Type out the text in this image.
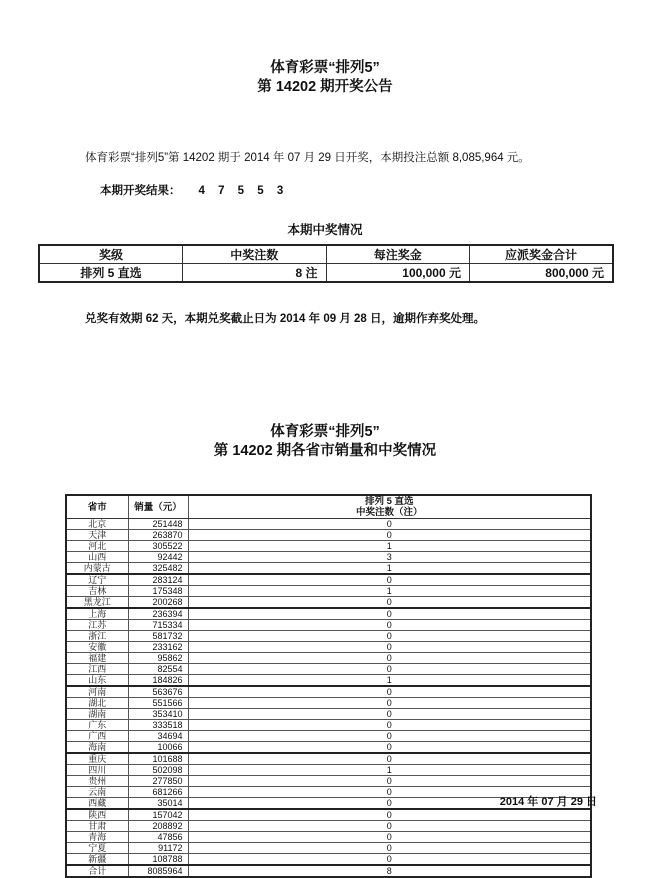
体育彩票“排列5”
第 14202 期开奖公告

体育彩票“排列5”第 14202 期于 2014 年 07 月 29 日开奖，本期投注总额 8,085,964 元。

本期开奖结果： 4 7 5 5 3

本期中奖情况
奖级	中奖注数	每注奖金	应派奖金合计
排列 5 直选	8 注	100,000 元	800,000 元

兑奖有效期 62 天，本期兑奖截止日为 2014 年 09 月 28 日，逾期作弃奖处理。

体育彩票“排列5”
第 14202 期各省市销量和中奖情况
省市	销量（元）	排列 5 直选
中奖注数（注）

北京	251448	0
天津	263870	0
河北	305522	1
山西	92442	3
内蒙古	325482	1
辽宁	283124	0
吉林	175348	1
黑龙江	200268	0
上海	236394	0
江苏	715334	0
浙江	581732	0
安徽	233162	0
福建	95862	0
江西	82554	0
山东	184826	1
河南	563676	0
湖北	551566	0
湖南	353410	0
广东	333518	0
广西	34694	0
海南	10066	0
重庆	101688	0
四川	502098	1
贵州	277850	0
云南	681266	0
西藏	35014	0
陕西	157042	0
甘肃	208892	0
青海	47856	0
宁夏	91172	0
新疆	108788	0
合计	8085964	8
2014 年 07 月 29 日
